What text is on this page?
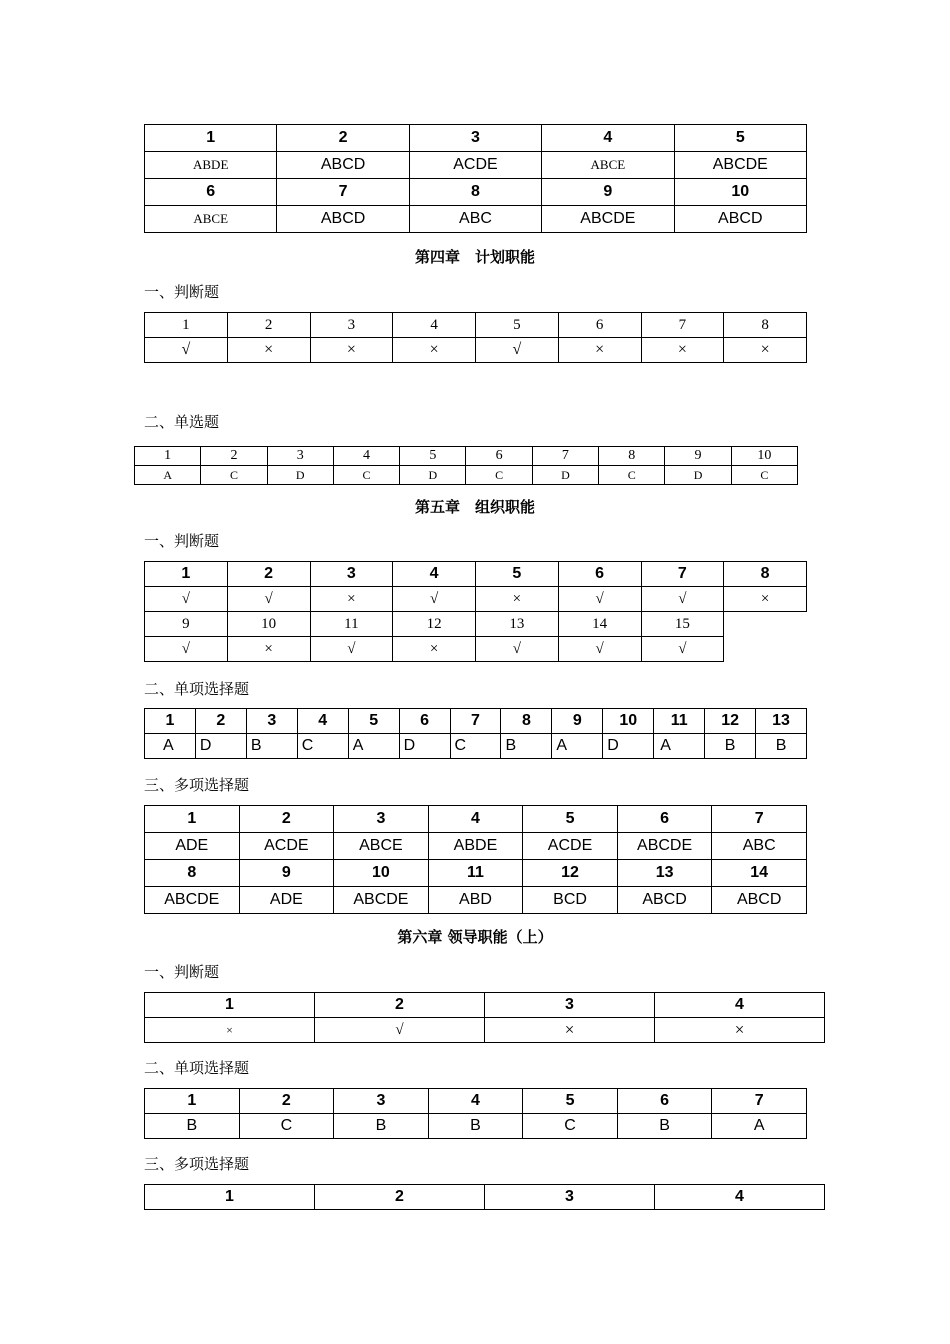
1	2	3	4	5
ABDE	ABCD	ACDE	ABCE	ABCDE
6	7	8	9	10
ABCE	ABCD	ABC	ABCDE	ABCD
第四章　计划职能
一、判断题
1	2	3	4	5	6	7	8
√	×	×	×	√	×	×	×
二、单选题
1	2	3	4	5	6	7	8	9	10
A	C	D	C	D	C	D	C	D	C
第五章　组织职能
一、判断题
1	2	3	4	5	6	7	8
√	√	×	√	×	√	√	×
9	10	11	12	13	14	15	
√	×	√	×	√	√	√	
二、单项选择题
1	2	3	4	5	6	7	8	9	10	11	12	13
A	D	B	C	A	D	C	B	A	D	A	B	B
三、多项选择题
1	2	3	4	5	6	7
ADE	ACDE	ABCE	ABDE	ACDE	ABCDE	ABC
8	9	10	11	12	13	14
ABCDE	ADE	ABCDE	ABD	BCD	ABCD	ABCD
第六章 领导职能（上）
一、判断题
1	2	3	4
×	√	×	×
二、单项选择题
1	2	3	4	5	6	7
B	C	B	B	C	B	A
三、多项选择题
1	2	3	4
